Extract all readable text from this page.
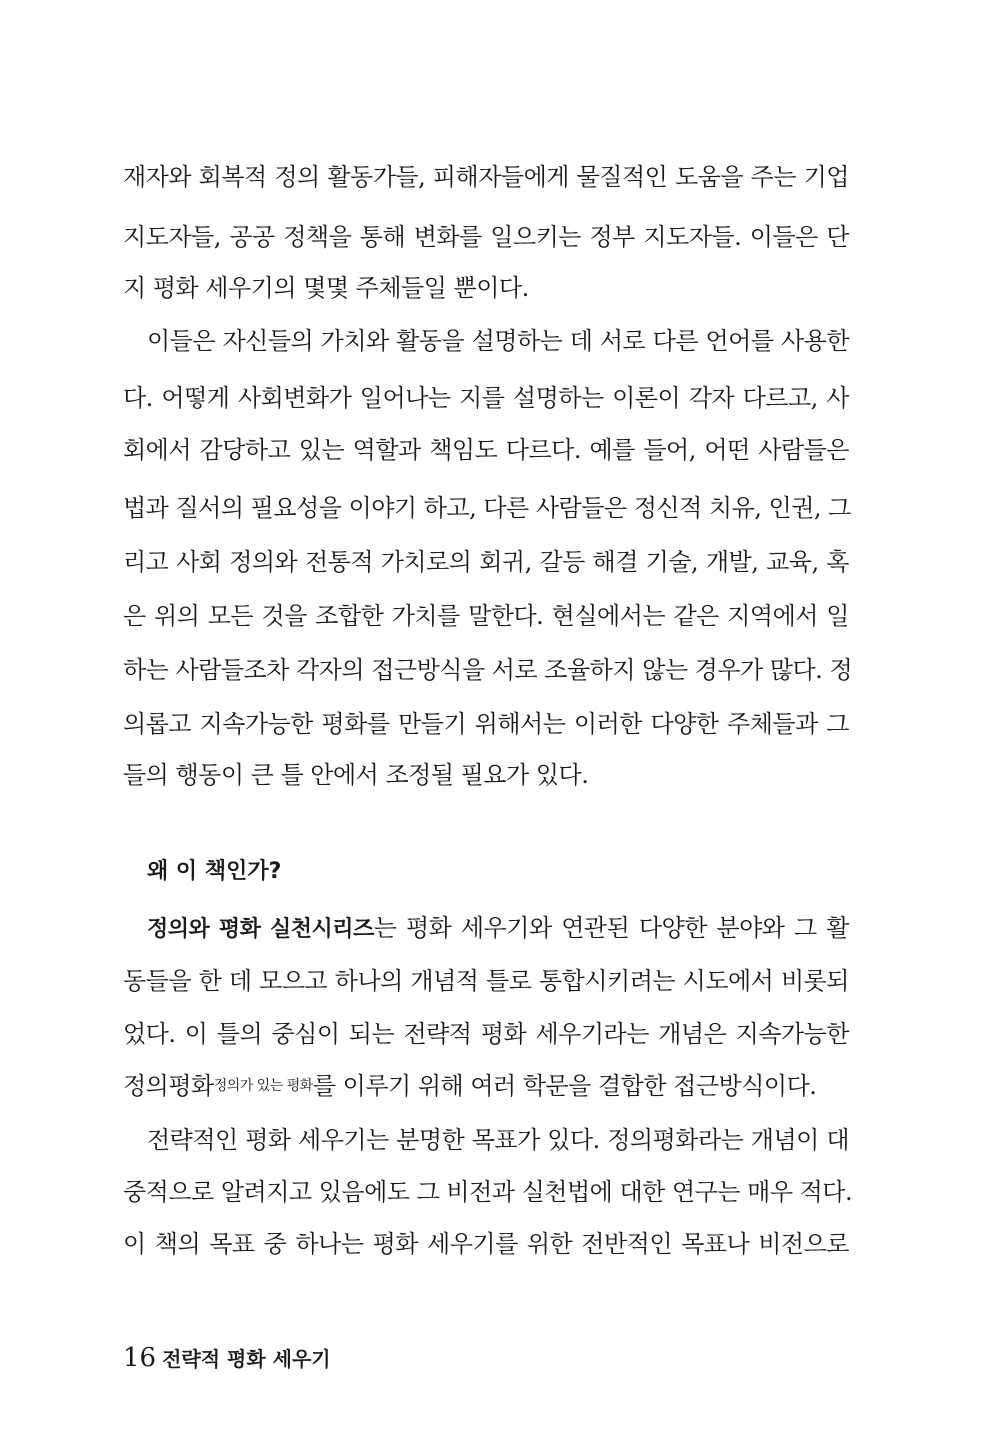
재자와 회복적 정의 활동가들, 피해자들에게 물질적인 도움을 주는 기업
지도자들, 공공 정책을 통해 변화를 일으키는 정부 지도자들. 이들은 단
지 평화 세우기의 몇몇 주체들일 뿐이다.
이들은 자신들의 가치와 활동을 설명하는 데 서로 다른 언어를 사용한
다. 어떻게 사회변화가 일어나는 지를 설명하는 이론이 각자 다르고, 사
회에서 감당하고 있는 역할과 책임도 다르다. 예를 들어, 어떤 사람들은
법과 질서의 필요성을 이야기 하고, 다른 사람들은 정신적 치유, 인권, 그
리고 사회 정의와 전통적 가치로의 회귀, 갈등 해결 기술, 개발, 교육, 혹
은 위의 모든 것을 조합한 가치를 말한다. 현실에서는 같은 지역에서 일
하는 사람들조차 각자의 접근방식을 서로 조율하지 않는 경우가 많다. 정
의롭고 지속가능한 평화를 만들기 위해서는 이러한 다양한 주체들과 그
들의 행동이 큰 틀 안에서 조정될 필요가 있다.
왜 이 책인가?
정의와 평화 실천시리즈는 평화 세우기와 연관된 다양한 분야와 그 활
동들을 한 데 모으고 하나의 개념적 틀로 통합시키려는 시도에서 비롯되
었다. 이 틀의 중심이 되는 전략적 평화 세우기라는 개념은 지속가능한
정의평화정의가 있는 평화를 이루기 위해 여러 학문을 결합한 접근방식이다.
전략적인 평화 세우기는 분명한 목표가 있다. 정의평화라는 개념이 대
중적으로 알려지고 있음에도 그 비전과 실천법에 대한 연구는 매우 적다.
이 책의 목표 중 하나는 평화 세우기를 위한 전반적인 목표나 비전으로
16 전략적 평화 세우기
